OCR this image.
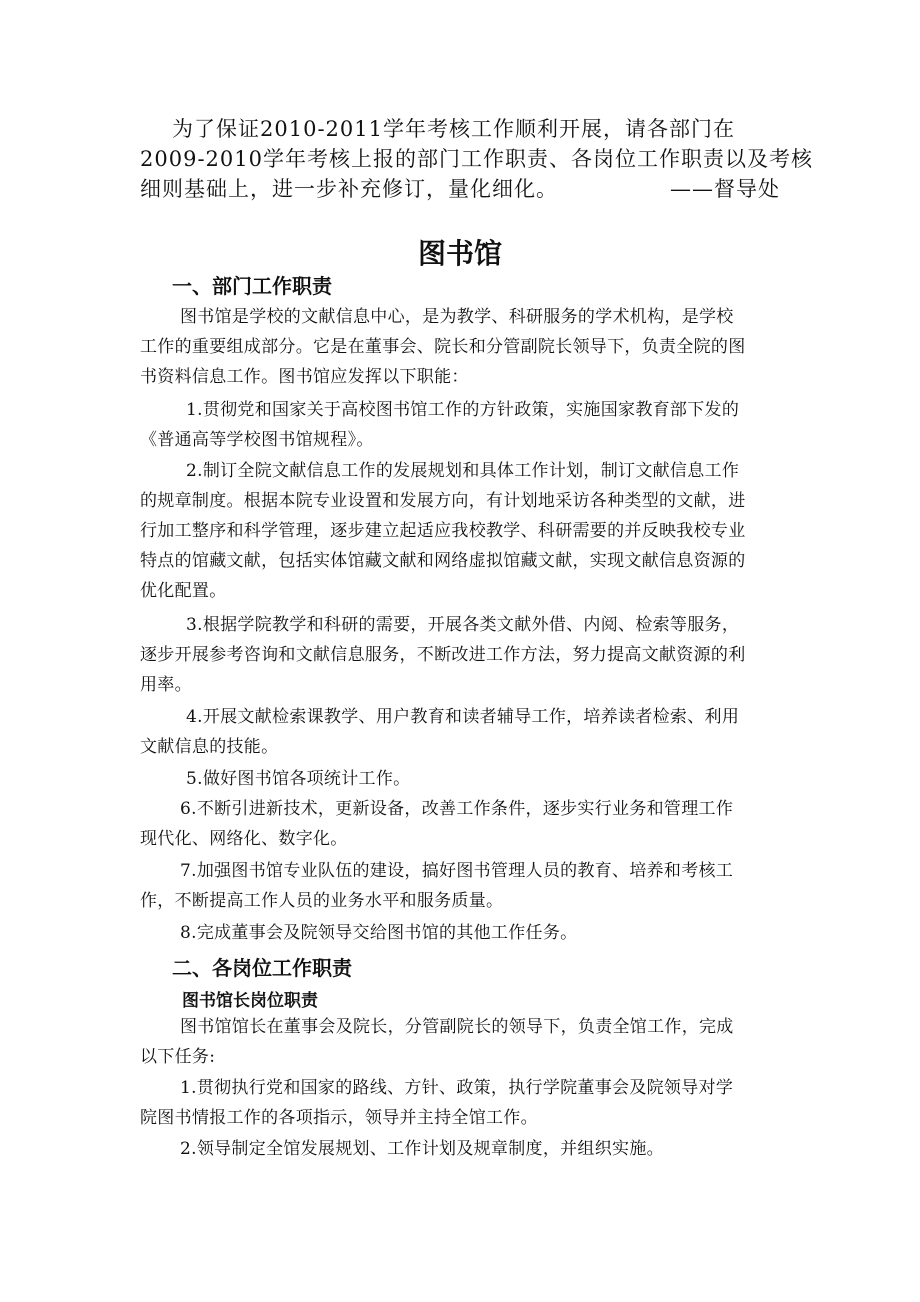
为了保证2010-2011学年考核工作顺利开展，请各部门在
2009-2010学年考核上报的部门工作职责、各岗位工作职责以及考核
细则基础上，进一步补充修订，量化细化。	——督导处

图书馆
一、部门工作职责

图书馆是学校的文献信息中心，是为教学、科研服务的学术机构，是学校
工作的重要组成部分。它是在董事会、院长和分管副院长领导下，负责全院的图
书资料信息工作。图书馆应发挥以下职能：

1.贯彻党和国家关于高校图书馆工作的方针政策，实施国家教育部下发的
《普通高等学校图书馆规程》。

2.制订全院文献信息工作的发展规划和具体工作计划，制订文献信息工作
的规章制度。根据本院专业设置和发展方向，有计划地采访各种类型的文献，进
行加工整序和科学管理，逐步建立起适应我校教学、科研需要的并反映我校专业
特点的馆藏文献，包括实体馆藏文献和网络虚拟馆藏文献，实现文献信息资源的
优化配置。

3.根据学院教学和科研的需要，开展各类文献外借、内阅、检索等服务，
逐步开展参考咨询和文献信息服务，不断改进工作方法，努力提高文献资源的利
用率。

4.开展文献检索课教学、用户教育和读者辅导工作，培养读者检索、利用
文献信息的技能。

5.做好图书馆各项统计工作。

6.不断引进新技术，更新设备，改善工作条件，逐步实行业务和管理工作
现代化、网络化、数字化。

7.加强图书馆专业队伍的建设，搞好图书管理人员的教育、培养和考核工
作，不断提高工作人员的业务水平和服务质量。

8.完成董事会及院领导交给图书馆的其他工作任务。

二、各岗位工作职责
图书馆长岗位职责

图书馆馆长在董事会及院长，分管副院长的领导下，负责全馆工作，完成
以下任务:

1.贯彻执行党和国家的路线、方针、政策，执行学院董事会及院领导对学
院图书情报工作的各项指示，领导并主持全馆工作。

2.领导制定全馆发展规划、工作计划及规章制度，并组织实施。
